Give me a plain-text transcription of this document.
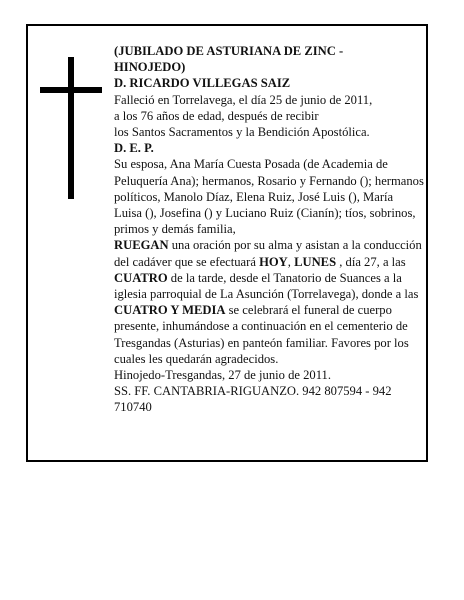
(JUBILADO DE ASTURIANA DE ZINC -

HINOJEDO)

D. RICARDO VILLEGAS SAIZ

Falleció en Torrelavega, el día 25 de junio de 2011,

a los 76 años de edad, después de recibir

los Santos Sacramentos y la Bendición Apostólica.

D. E. P.

Su esposa, Ana María Cuesta Posada (de Academia de Peluquería Ana); hermanos, Rosario y Fernando (); hermanos políticos, Manolo Díaz, Elena Ruiz, José Luis (), María Luisa (), Josefina () y Luciano Ruiz (Cianín); tíos, sobrinos, primos y demás familia,

RUEGAN una oración por su alma y asistan a la conducción del cadáver que se efectuará HOY, LUNES , día 27, a las CUATRO de la tarde, desde el Tanatorio de Suances a la iglesia parroquial de La Asunción (Torrelavega), donde a las CUATRO Y MEDIA se celebrará el funeral de cuerpo presente, inhumándose a continuación en el cementerio de Tresgandas (Asturias) en panteón familiar. Favores por los cuales les quedarán agradecidos.

Hinojedo-Tresgandas, 27 de junio de 2011.

SS. FF. CANTABRIA-RIGUANZO. 942 807594 - 942 710740
